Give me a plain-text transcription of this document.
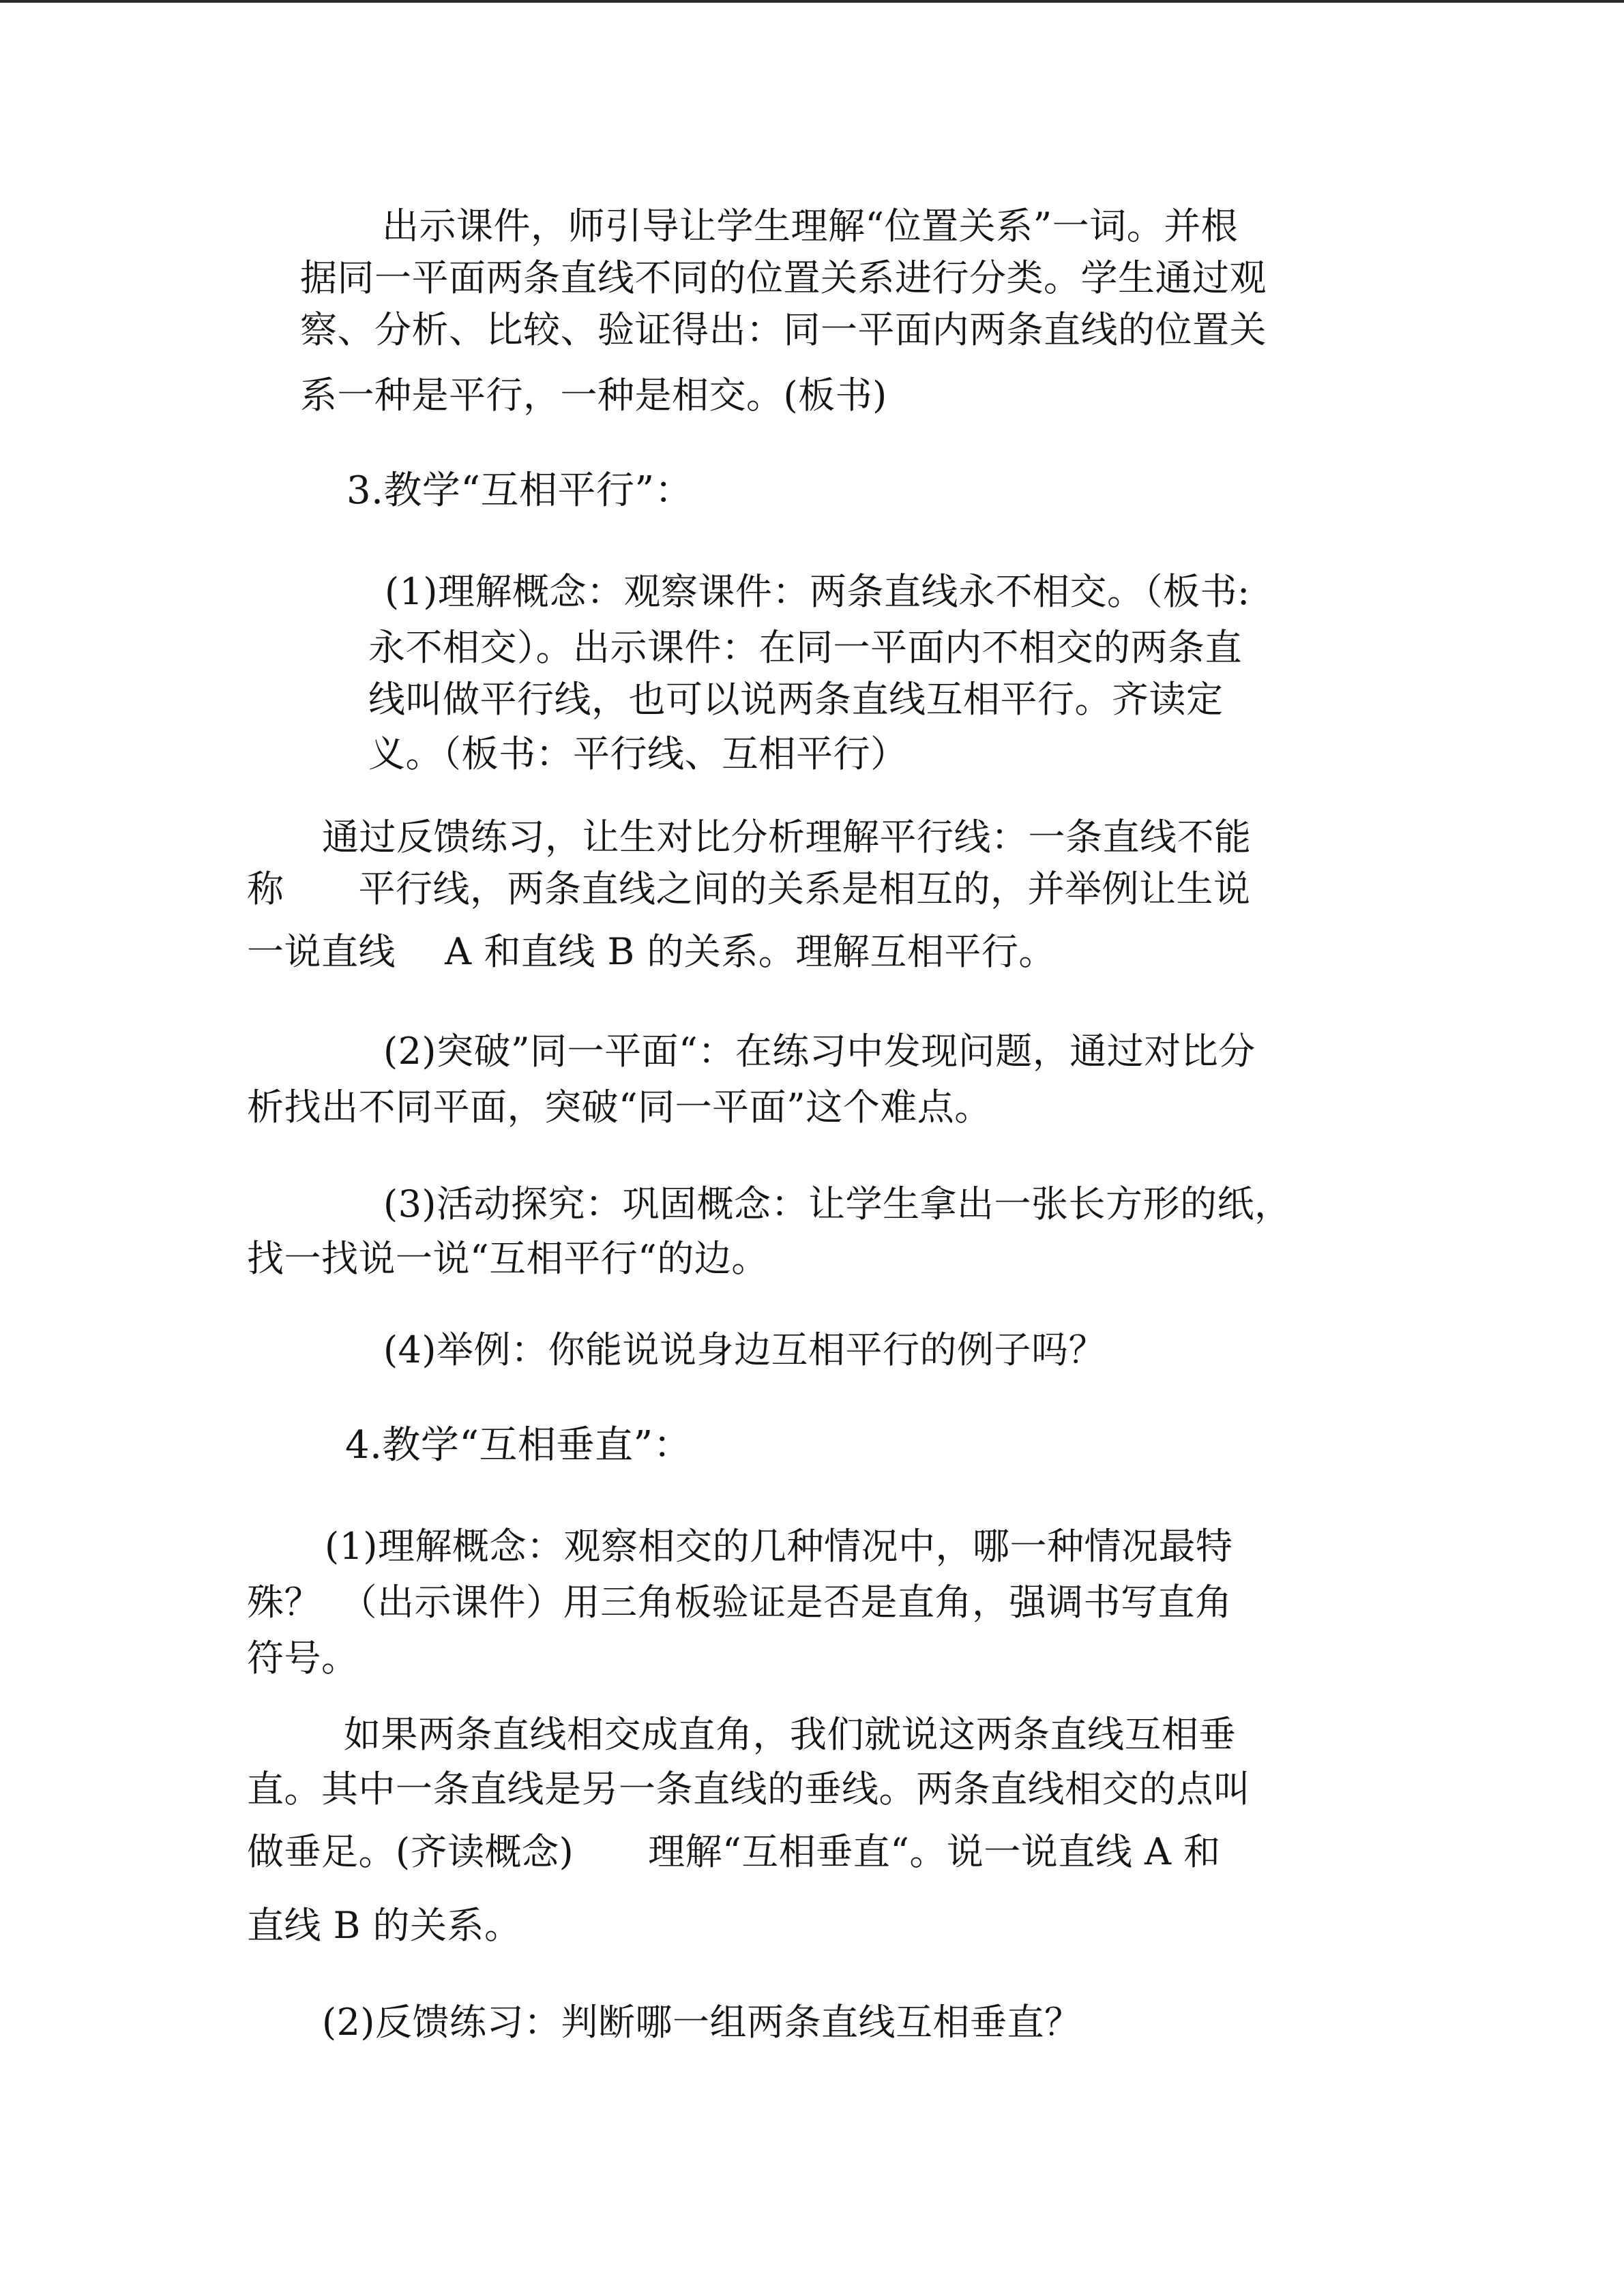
出示课件，师引导让学生理解“位置关系”一词。并根
据同一平面两条直线不同的位置关系进行分类。学生通过观
察、分析、比较、验证得出：同一平面内两条直线的位置关
系一种是平行，一种是相交。(板书)
3.教学“互相平行”：
(1)理解概念：观察课件：两条直线永不相交。（板书:
永不相交）。出示课件：在同一平面内不相交的两条直
线叫做平行线，也可以说两条直线互相平行。齐读定
义。（板书：平行线、互相平行）
通过反馈练习，让生对比分析理解平行线：一条直线不能
称　　平行线，两条直线之间的关系是相互的，并举例让生说
一说直线　 A 和直线 B 的关系。理解互相平行。
(2)突破”同一平面“：在练习中发现问题，通过对比分
析找出不同平面，突破“同一平面”这个难点。
(3)活动探究：巩固概念：让学生拿出一张长方形的纸，
找一找说一说“互相平行“的边。
(4)举例：你能说说身边互相平行的例子吗？
4.教学“互相垂直”：
(1)理解概念：观察相交的几种情况中，哪一种情况最特
殊？　（出示课件）用三角板验证是否是直角，强调书写直角
符号。
如果两条直线相交成直角，我们就说这两条直线互相垂
直。其中一条直线是另一条直线的垂线。两条直线相交的点叫
做垂足。(齐读概念)　　理解“互相垂直“。说一说直线 A 和
直线 B 的关系。
(2)反馈练习：判断哪一组两条直线互相垂直？
